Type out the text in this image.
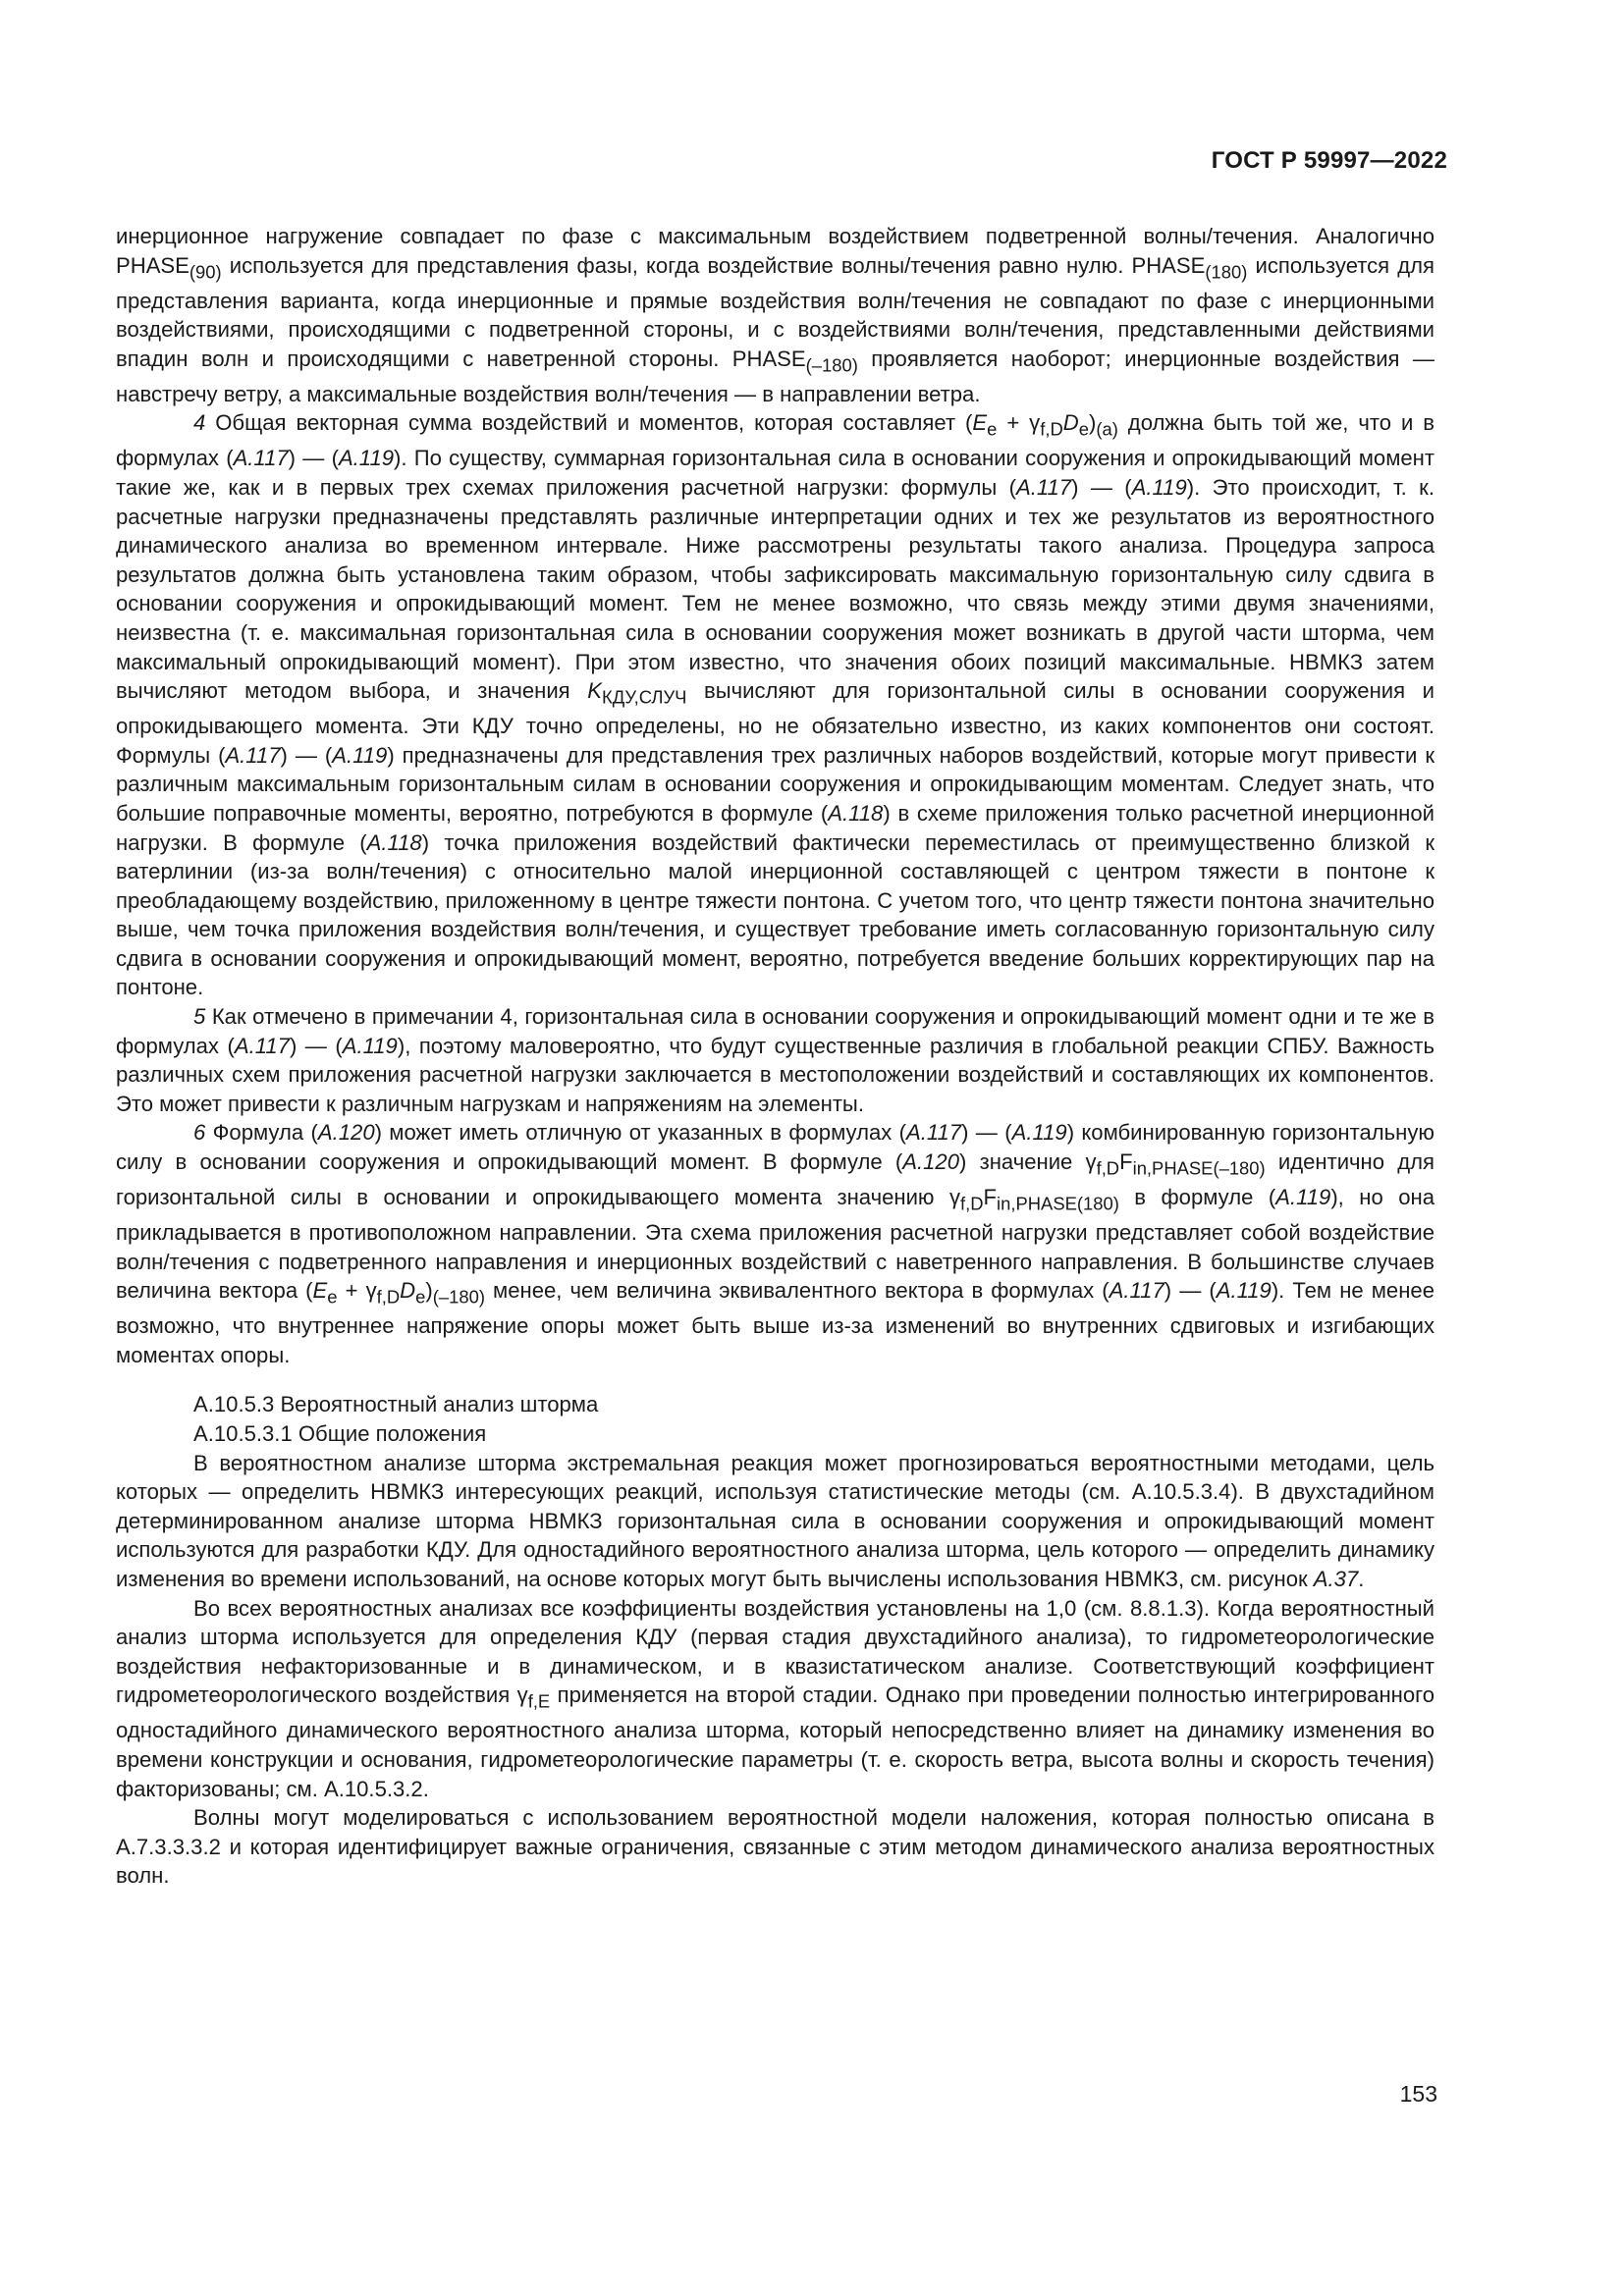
ГОСТ Р 59997—2022

инерционное нагружение совпадает по фазе с максимальным воздействием подветренной волны/течения. Аналогично $PHASE_{(90)}$ используется для представления фазы, когда воздействие волны/течения равно нулю. $PHASE_{(180)}$ используется для представления варианта, когда инерционные и прямые воздействия волн/течения не совпадают по фазе с инерционными воздействиями, происходящими с подветренной стороны, и с воздействиями волн/течения, представленными действиями впадин волн и происходящими с наветренной стороны. $PHASE_{(-180)}$ проявляется наоборот; инерционные воздействия — навстречу ветру, а максимальные воздействия волн/течения — в направлении ветра.

4 Общая векторная сумма воздействий и моментов, которая составляет $(E_e + \gamma_{f,D}D_e)_{(a)}$ должна быть той же, что и в формулах (A.117) — (A.119). По существу, суммарная горизонтальная сила в основании сооружения и опрокидывающий момент такие же, как и в первых трех схемах приложения расчетной нагрузки: формулы (A.117) — (A.119). Это происходит, т. к. расчетные нагрузки предназначены представлять различные интерпретации одних и тех же результатов из вероятностного динамического анализа во временном интервале. Ниже рассмотрены результаты такого анализа. Процедура запроса результатов должна быть установлена таким образом, чтобы зафиксировать максимальную горизонтальную силу сдвига в основании сооружения и опрокидывающий момент. Тем не менее возможно, что связь между этими двумя значениями, неизвестна (т. е. максимальная горизонтальная сила в основании сооружения может возникать в другой части шторма, чем максимальный опрокидывающий момент). При этом известно, что значения обоих позиций максимальные. НВМКЗ затем вычисляют методом выбора, и значения $K_{КДУ,СЛУЧ}$ вычисляют для горизонтальной силы в основании сооружения и опрокидывающего момента. Эти КДУ точно определены, но не обязательно известно, из каких компонентов они состоят. Формулы (A.117) — (A.119) предназначены для представления трех различных наборов воздействий, которые могут привести к различным максимальным горизонтальным силам в основании сооружения и опрокидывающим моментам. Следует знать, что большие поправочные моменты, вероятно, потребуются в формуле (A.118) в схеме приложения только расчетной инерционной нагрузки. В формуле (A.118) точка приложения воздействий фактически переместилась от преимущественно близкой к ватерлинии (из-за волн/течения) с относительно малой инерционной составляющей с центром тяжести в понтоне к преобладающему воздействию, приложенному в центре тяжести понтона. С учетом того, что центр тяжести понтона значительно выше, чем точка приложения воздействия волн/течения, и существует требование иметь согласованную горизонтальную силу сдвига в основании сооружения и опрокидывающий момент, вероятно, потребуется введение больших корректирующих пар на понтоне.

5 Как отмечено в примечании 4, горизонтальная сила в основании сооружения и опрокидывающий момент одни и те же в формулах (A.117) — (A.119), поэтому маловероятно, что будут существенные различия в глобальной реакции СПБУ. Важность различных схем приложения расчетной нагрузки заключается в местоположении воздействий и составляющих их компонентов. Это может привести к различным нагрузкам и напряжениям на элементы.

6 Формула (A.120) может иметь отличную от указанных в формулах (A.117) — (A.119) комбинированную горизонтальную силу в основании сооружения и опрокидывающий момент. В формуле (A.120) значение $\gamma_{f,D}F_{in,PHASE(-180)}$ идентично для горизонтальной силы в основании и опрокидывающего момента значению $\gamma_{f,D}F_{in,PHASE(180)}$ в формуле (A.119), но она прикладывается в противоположном направлении. Эта схема приложения расчетной нагрузки представляет собой воздействие волн/течения с подветренного направления и инерционных воздействий с наветренного направления. В большинстве случаев величина вектора $(E_e + \gamma_{f,D}D_e)_{(-180)}$ менее, чем величина эквивалентного вектора в формулах (A.117) — (A.119). Тем не менее возможно, что внутреннее напряжение опоры может быть выше из-за изменений во внутренних сдвиговых и изгибающих моментах опоры.

А.10.5.3 Вероятностный анализ шторма

А.10.5.3.1 Общие положения

В вероятностном анализе шторма экстремальная реакция может прогнозироваться вероятностными методами, цель которых — определить НВМКЗ интересующих реакций, используя статистические методы (см. А.10.5.3.4). В двухстадийном детерминированном анализе шторма НВМКЗ горизонтальная сила в основании сооружения и опрокидывающий момент используются для разработки КДУ. Для одностадийного вероятностного анализа шторма, цель которого — определить динамику изменения во времени использований, на основе которых могут быть вычислены использования НВМКЗ, см. рисунок А.37.

Во всех вероятностных анализах все коэффициенты воздействия установлены на 1,0 (см. 8.8.1.3). Когда вероятностный анализ шторма используется для определения КДУ (первая стадия двухстадийного анализа), то гидрометеорологические воздействия нефакторизованные и в динамическом, и в квазистатическом анализе. Соответствующий коэффициент гидрометеорологического воздействия $\gamma_{f,E}$ применяется на второй стадии. Однако при проведении полностью интегрированного одностадийного динамического вероятностного анализа шторма, который непосредственно влияет на динамику изменения во времени конструкции и основания, гидрометеорологические параметры (т. е. скорость ветра, высота волны и скорость течения) факторизованы; см. А.10.5.3.2.

Волны могут моделироваться с использованием вероятностной модели наложения, которая полностью описана в А.7.3.3.3.2 и которая идентифицирует важные ограничения, связанные с этим методом динамического анализа вероятностных волн.

153
